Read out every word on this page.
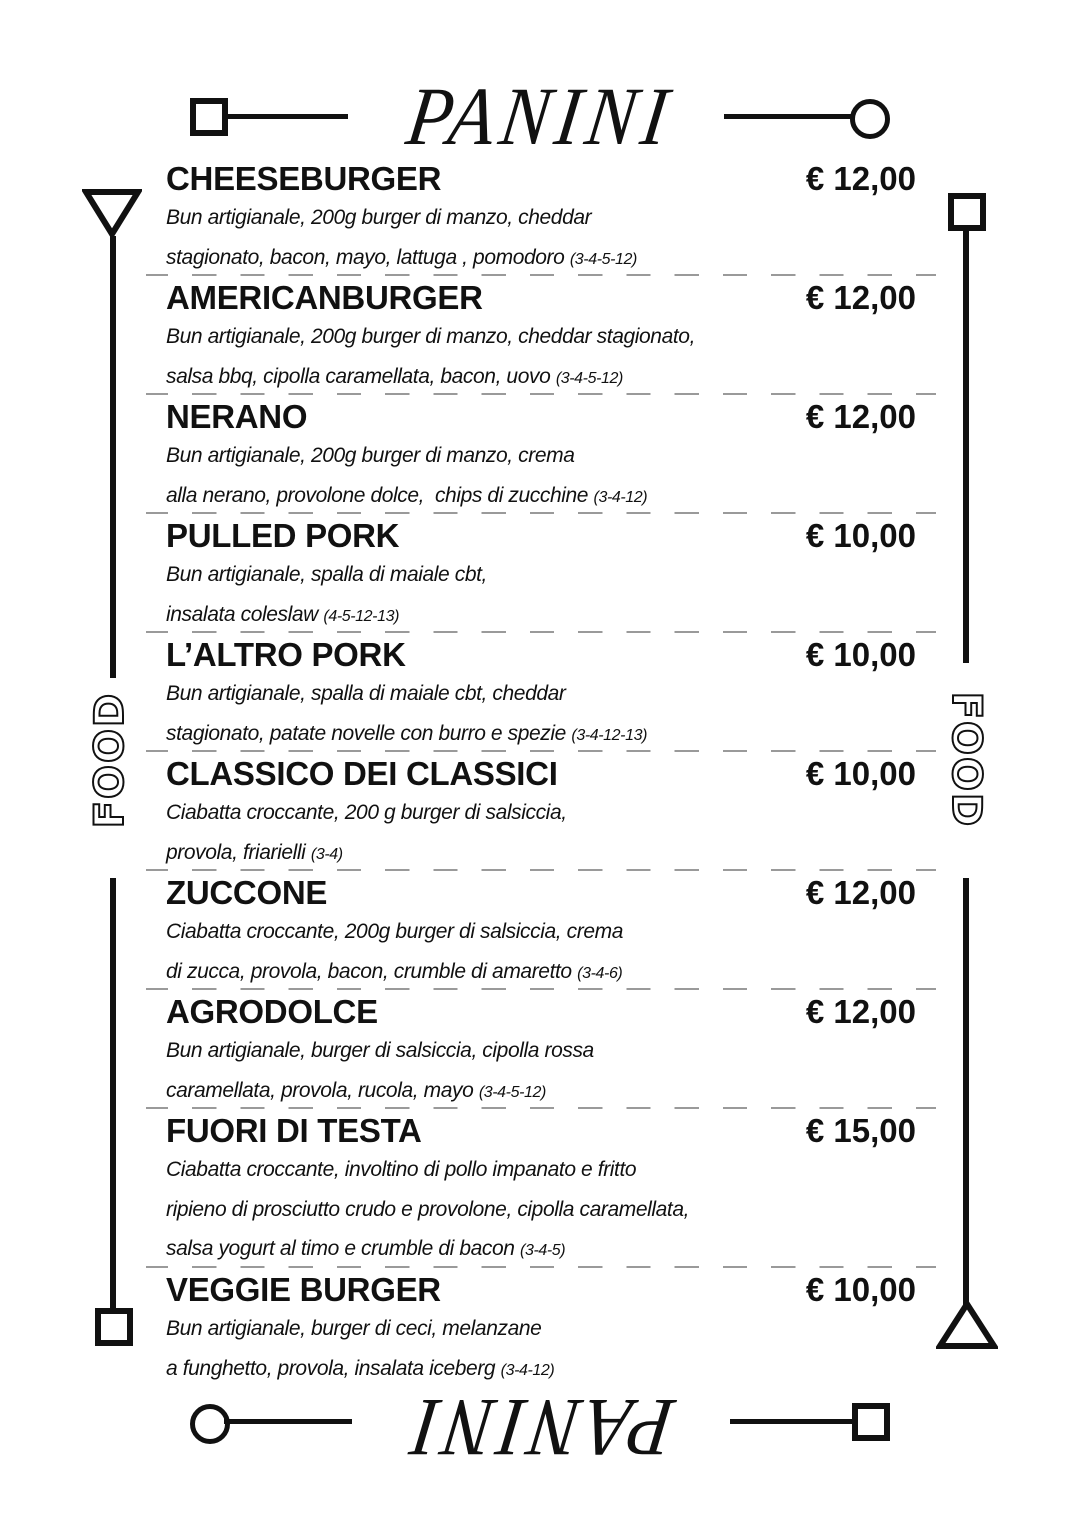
PANINI
FOOD	FOOD
CHEESEBURGER	€ 12,00
Bun artigianale, 200g burger di manzo, cheddar
stagionato, bacon, mayo, lattuga , pomodoro (3-4-5-12)
AMERICANBURGER	€ 12,00
Bun artigianale, 200g burger di manzo, cheddar stagionato,
salsa bbq, cipolla caramellata, bacon, uovo (3-4-5-12)
NERANO	€ 12,00
Bun artigianale, 200g burger di manzo, crema
alla nerano, provolone dolce,  chips di zucchine (3-4-12)
PULLED PORK	€ 10,00
Bun artigianale, spalla di maiale cbt,
insalata coleslaw (4-5-12-13)
L’ALTRO PORK	€ 10,00
Bun artigianale, spalla di maiale cbt, cheddar
stagionato, patate novelle con burro e spezie (3-4-12-13)
CLASSICO DEI CLASSICI	€ 10,00
Ciabatta croccante, 200 g burger di salsiccia,
provola, friarielli (3-4)
ZUCCONE	€ 12,00
Ciabatta croccante, 200g burger di salsiccia, crema
di zucca, provola, bacon, crumble di amaretto (3-4-6)
AGRODOLCE	€ 12,00
Bun artigianale, burger di salsiccia, cipolla rossa
caramellata, provola, rucola, mayo (3-4-5-12)
FUORI DI TESTA	€ 15,00
Ciabatta croccante, involtino di pollo impanato e fritto
ripieno di prosciutto crudo e provolone, cipolla caramellata,
salsa yogurt al timo e crumble di bacon (3-4-5)
VEGGIE BURGER	€ 10,00
Bun artigianale, burger di ceci, melanzane
a funghetto, provola, insalata iceberg (3-4-12)
PANINI
